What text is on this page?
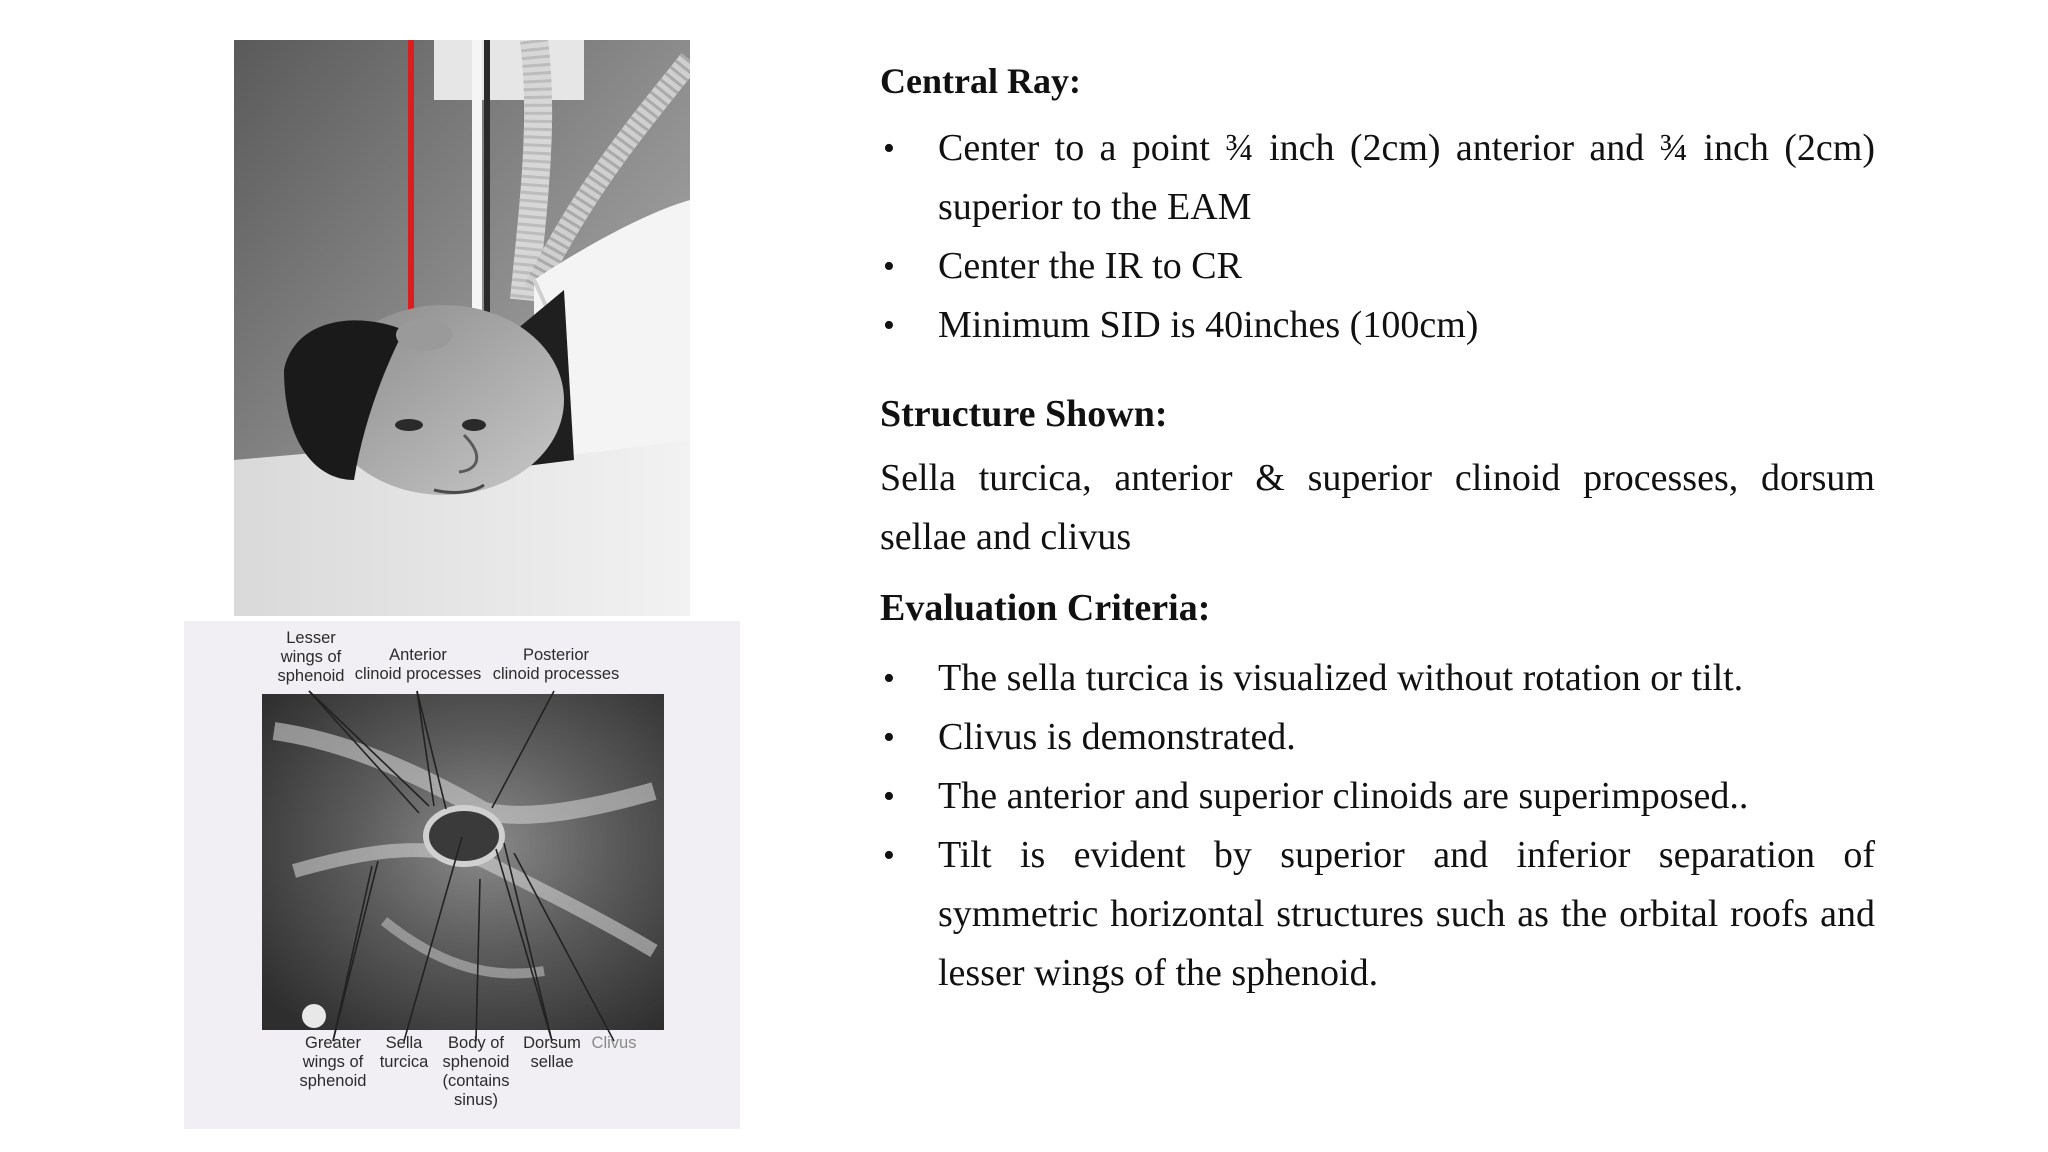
Lesser
wings of
sphenoid
Anterior
clinoid processes
Posterior
clinoid processes
Greater
wings of
sphenoid
Sella
turcica
Body of
sphenoid
(contains
sinus)
Dorsum
sellae
Clivus
Central Ray:
• Center to a point ¾ inch (2cm) anterior and ¾ inch (2cm) superior to the EAM
• Center the IR to CR
• Minimum SID is 40inches (100cm)
Structure Shown:

Sella turcica, anterior & superior clinoid processes, dorsum sellae and clivus

Evaluation Criteria:
• The sella turcica is visualized without rotation or tilt.
• Clivus is demonstrated.
• The anterior and superior clinoids are superimposed..
• Tilt is evident by superior and inferior separation of symmetric horizontal structures such as the orbital roofs and lesser wings of the sphenoid.
